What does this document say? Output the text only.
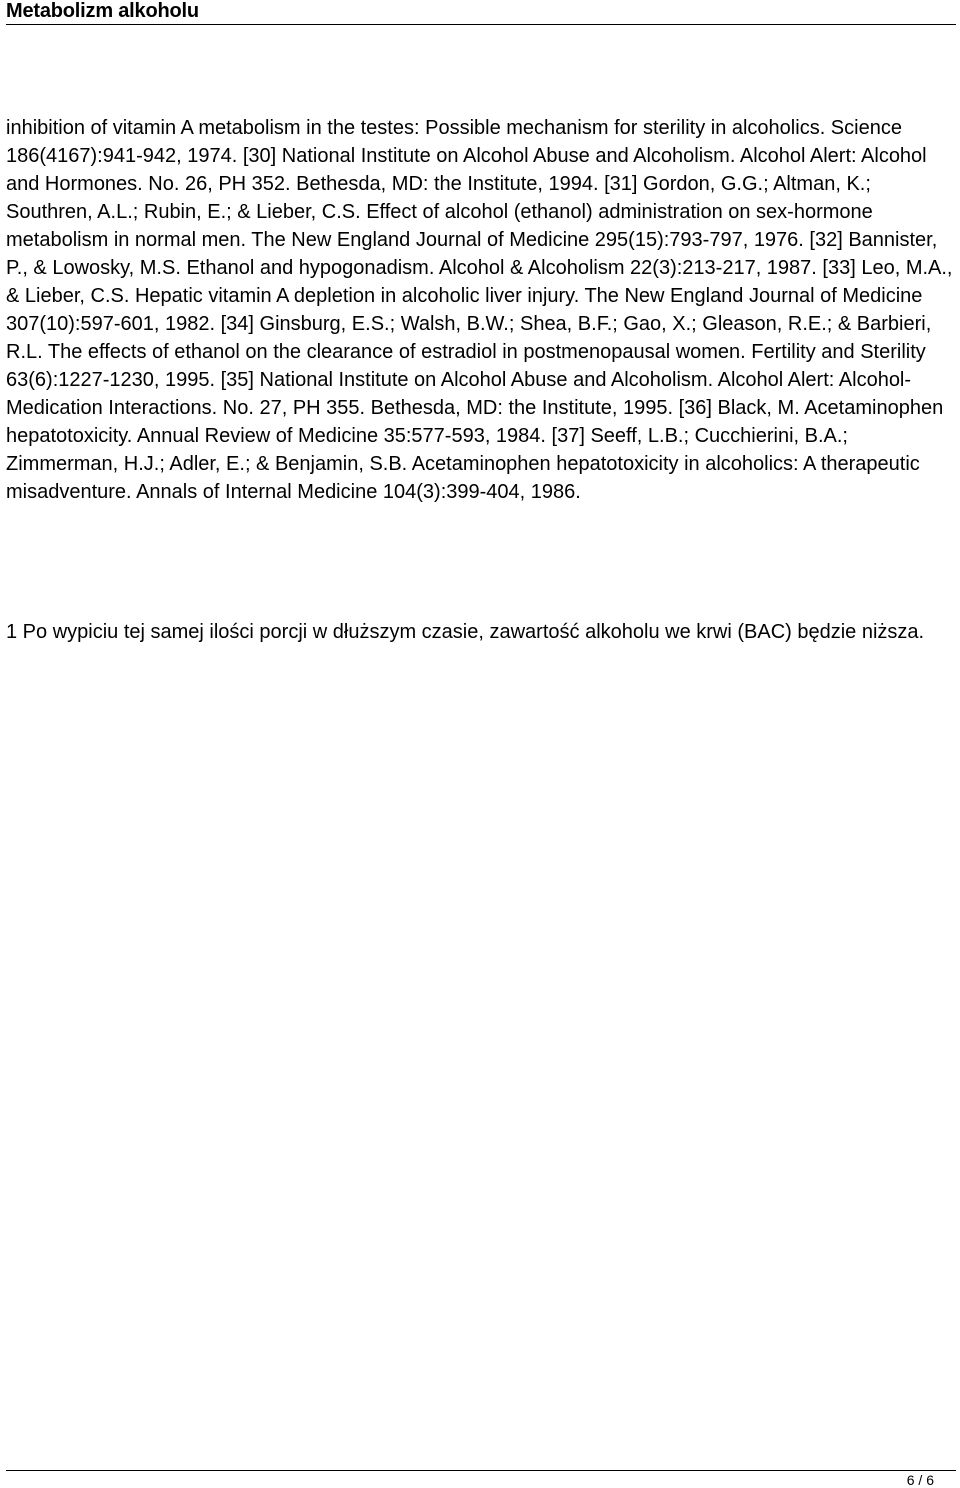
Metabolizm alkoholu

inhibition of vitamin A metabolism in the testes: Possible mechanism for sterility in alcoholics. Science 186(4167):941-942, 1974. [30] National Institute on Alcohol Abuse and Alcoholism. Alcohol Alert: Alcohol and Hormones. No. 26, PH 352. Bethesda, MD: the Institute, 1994. [31] Gordon, G.G.; Altman, K.; Southren, A.L.; Rubin, E.; & Lieber, C.S. Effect of alcohol (ethanol) administration on sex-hormone metabolism in normal men. The New England Journal of Medicine 295(15):793-797, 1976. [32] Bannister, P., & Lowosky, M.S. Ethanol and hypogonadism. Alcohol & Alcoholism 22(3):213-217, 1987. [33] Leo, M.A., & Lieber, C.S. Hepatic vitamin A depletion in alcoholic liver injury. The New England Journal of Medicine 307(10):597-601, 1982. [34] Ginsburg, E.S.; Walsh, B.W.; Shea, B.F.; Gao, X.; Gleason, R.E.; & Barbieri, R.L. The effects of ethanol on the clearance of estradiol in postmenopausal women. Fertility and Sterility 63(6):1227-1230, 1995. [35] National Institute on Alcohol Abuse and Alcoholism. Alcohol Alert: Alcohol-Medication Interactions. No. 27, PH 355. Bethesda, MD: the Institute, 1995. [36] Black, M. Acetaminophen hepatotoxicity. Annual Review of Medicine 35:577-593, 1984. [37] Seeff, L.B.; Cucchierini, B.A.; Zimmerman, H.J.; Adler, E.; & Benjamin, S.B. Acetaminophen hepatotoxicity in alcoholics: A therapeutic misadventure. Annals of Internal Medicine 104(3):399-404, 1986.

1 Po wypiciu tej samej ilości porcji w dłuższym czasie, zawartość alkoholu we krwi (BAC) będzie niższa.

6 / 6
